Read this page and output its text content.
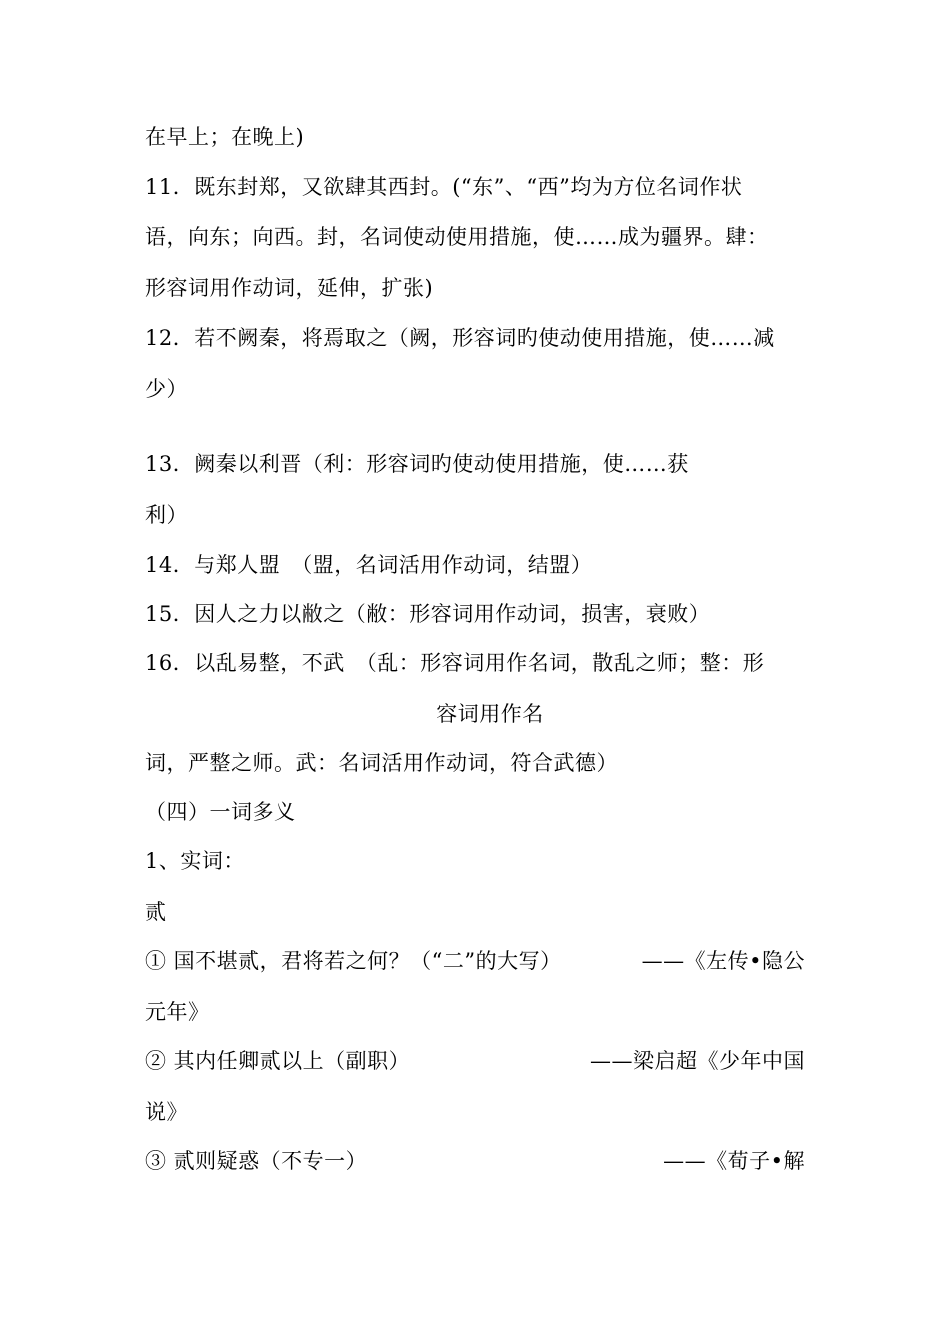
在早上；在晚上)
11．既东封郑，又欲肆其西封。(“东”、“西”均为方位名词作状
语，向东；向西。封，名词使动使用措施，使……成为疆界。肆：
形容词用作动词，延伸，扩张)
12．若不阙秦，将焉取之（阙，形容词旳使动使用措施，使……减
少）
13．阙秦以利晋（利：形容词旳使动使用措施，使……获
利）
14．与郑人盟　（盟，名词活用作动词，结盟）
15．因人之力以敝之（敝：形容词用作动词，损害，衰败）
16．以乱易整，不武　（乱：形容词用作名词，散乱之师；整：形
容词用作名
词，严整之师。武：名词活用作动词，符合武德）
（四）一词多义
1、实词：
贰
① 国不堪贰，君将若之何？（“二”的大写）	——《左传•隐公
元年》
② 其内任卿贰以上（副职）	——梁启超《少年中国
说》
③ 贰则疑惑（不专一）	——《荀子•解
